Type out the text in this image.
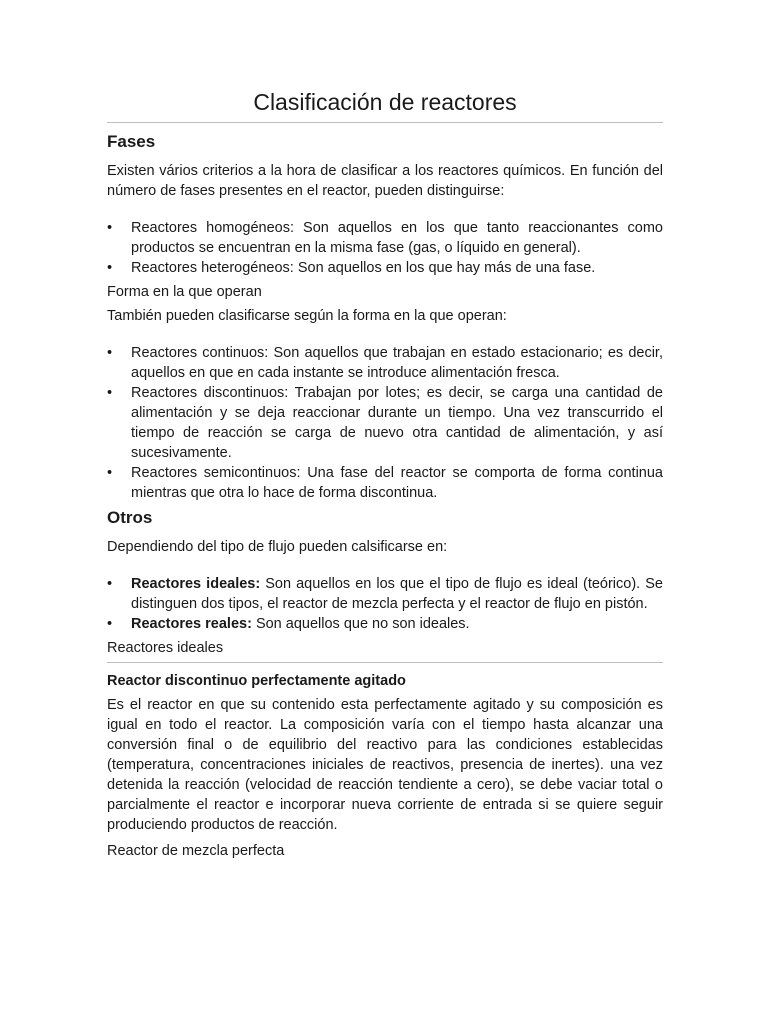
Clasificación de reactores
Fases

Existen vários criterios a la hora de clasificar a los reactores químicos. En función del número de fases presentes en el reactor, pueden distinguirse:

•	Reactores homogéneos: Son aquellos en los que tanto reaccionantes como productos se encuentran en la misma fase (gas, o líquido en general).
•	Reactores heterogéneos: Son aquellos en los que hay más de una fase.

Forma en la que operan

También pueden clasificarse según la forma en la que operan:

•	Reactores continuos: Son aquellos que trabajan en estado estacionario; es decir, aquellos en que en cada instante se introduce alimentación fresca.
•	Reactores discontinuos: Trabajan por lotes; es decir, se carga una cantidad de alimentación y se deja reaccionar durante un tiempo. Una vez transcurrido el tiempo de reacción se carga de nuevo otra cantidad de alimentación, y así sucesivamente.
•	Reactores semicontinuos: Una fase del reactor se comporta de forma continua mientras que otra lo hace de forma discontinua.
Otros

Dependiendo del tipo de flujo pueden calsificarse en:

•	Reactores ideales: Son aquellos en los que el tipo de flujo es ideal (teórico). Se distinguen dos tipos, el reactor de mezcla perfecta y el reactor de flujo en pistón.
•	Reactores reales: Son aquellos que no son ideales.

Reactores ideales

Reactor discontinuo perfectamente agitado

Es el reactor en que su contenido esta perfectamente agitado y su composición es igual en todo el reactor. La composición varía con el tiempo hasta alcanzar una conversión final o de equilibrio del reactivo para las condiciones establecidas (temperatura, concentraciones iniciales de reactivos, presencia de inertes). una vez detenida la reacción (velocidad de reacción tendiente a cero), se debe vaciar total o parcialmente el reactor e incorporar nueva corriente de entrada si se quiere seguir produciendo productos de reacción.

Reactor de mezcla perfecta
